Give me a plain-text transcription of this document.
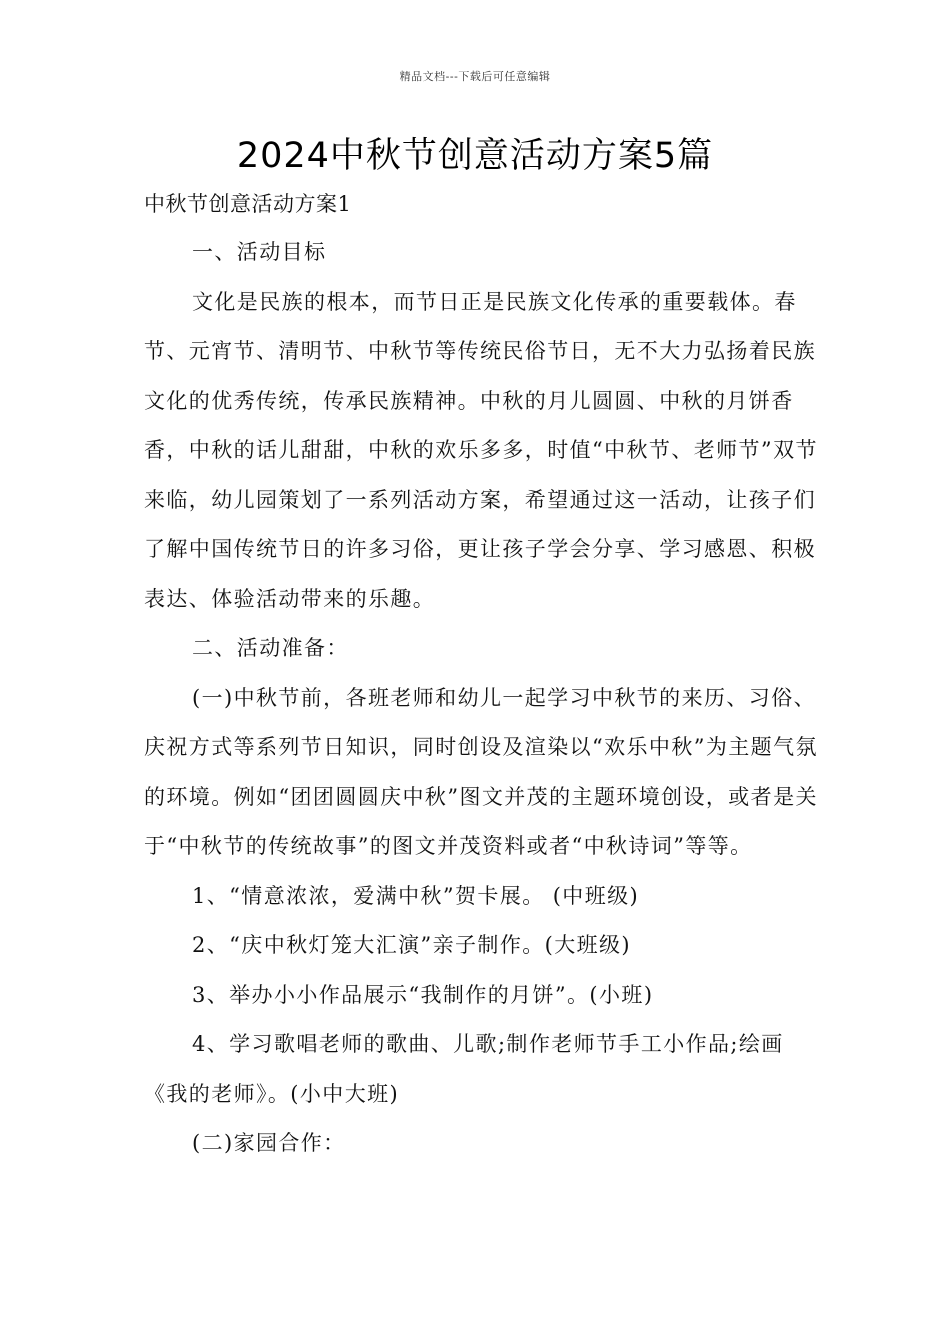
精品文档---下载后可任意编辑
2024中秋节创意活动方案5篇
中秋节创意活动方案1

一、活动目标

文化是民族的根本，而节日正是民族文化传承的重要载体。春节、元宵节、清明节、中秋节等传统民俗节日，无不大力弘扬着民族文化的优秀传统，传承民族精神。中秋的月儿圆圆、中秋的月饼香香，中秋的话儿甜甜，中秋的欢乐多多，时值“中秋节、老师节”双节来临，幼儿园策划了一系列活动方案，希望通过这一活动，让孩子们了解中国传统节日的许多习俗，更让孩子学会分享、学习感恩、积极表达、体验活动带来的乐趣。

二、活动准备：

(一)中秋节前，各班老师和幼儿一起学习中秋节的来历、习俗、庆祝方式等系列节日知识，同时创设及渲染以“欢乐中秋”为主题气氛的环境。例如“团团圆圆庆中秋”图文并茂的主题环境创设，或者是关于“中秋节的传统故事”的图文并茂资料或者“中秋诗词”等等。

1、“情意浓浓，爱满中秋”贺卡展。 (中班级)

2、“庆中秋灯笼大汇演”亲子制作。(大班级)

3、举办小小作品展示“我制作的月饼”。(小班)

4、学习歌唱老师的歌曲、儿歌;制作老师节手工小作品;绘画《我的老师》。(小中大班)

(二)家园合作：
